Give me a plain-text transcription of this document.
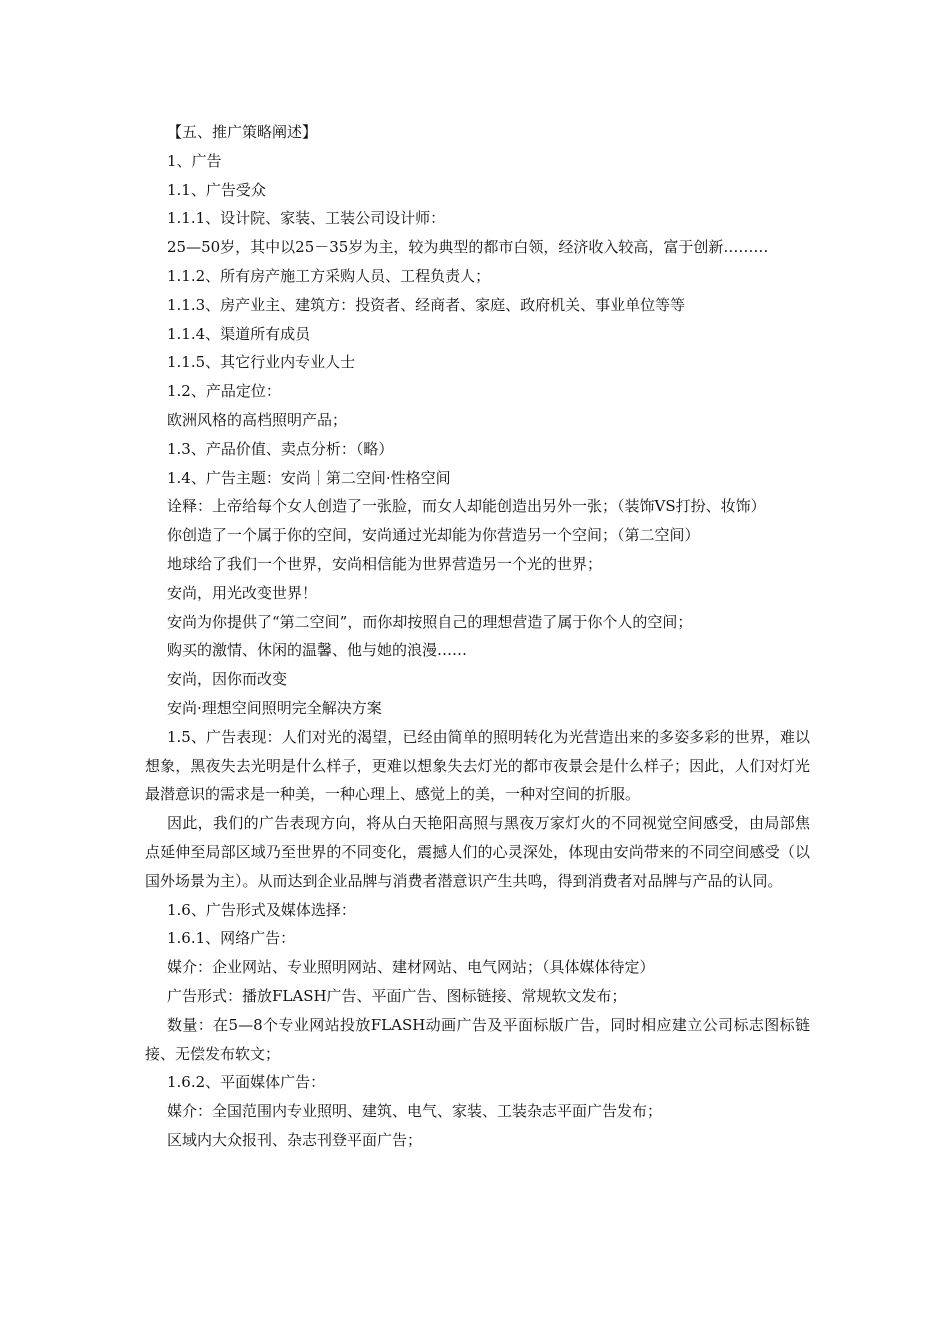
【五、推广策略阐述】

1、广告

1.1、广告受众

1.1.1、设计院、家装、工装公司设计师：

25—50岁，其中以25－35岁为主，较为典型的都市白领，经济收入较高，富于创新………

1.1.2、所有房产施工方采购人员、工程负责人；

1.1.3、房产业主、建筑方：投资者、经商者、家庭、政府机关、事业单位等等

1.1.4、渠道所有成员

1.1.5、其它行业内专业人士

1.2、产品定位：

欧洲风格的高档照明产品；

1.3、产品价值、卖点分析：（略）

1.4、广告主题：安尚｜第二空间·性格空间

诠释：上帝给每个女人创造了一张脸，而女人却能创造出另外一张；（装饰VS打扮、妆饰）

你创造了一个属于你的空间，安尚通过光却能为你营造另一个空间；（第二空间）

地球给了我们一个世界，安尚相信能为世界营造另一个光的世界；

安尚，用光改变世界！

安尚为你提供了“第二空间”，而你却按照自己的理想营造了属于你个人的空间；

购买的激情、休闲的温馨、他与她的浪漫……

安尚，因你而改变

安尚·理想空间照明完全解决方案

1.5、广告表现：人们对光的渴望，已经由简单的照明转化为光营造出来的多姿多彩的世界，难以想象，黑夜失去光明是什么样子，更难以想象失去灯光的都市夜景会是什么样子；因此，人们对灯光最潜意识的需求是一种美，一种心理上、感觉上的美，一种对空间的折服。

因此，我们的广告表现方向，将从白天艳阳高照与黑夜万家灯火的不同视觉空间感受，由局部焦点延伸至局部区域乃至世界的不同变化，震撼人们的心灵深处，体现由安尚带来的不同空间感受（以国外场景为主）。从而达到企业品牌与消费者潜意识产生共鸣，得到消费者对品牌与产品的认同。

1.6、广告形式及媒体选择：

1.6.1、网络广告：

媒介：企业网站、专业照明网站、建材网站、电气网站；（具体媒体待定）

广告形式：播放FLASH广告、平面广告、图标链接、常规软文发布；

数量：在5—8个专业网站投放FLASH动画广告及平面标版广告，同时相应建立公司标志图标链接、无偿发布软文；

1.6.2、平面媒体广告：

媒介：全国范围内专业照明、建筑、电气、家装、工装杂志平面广告发布；

区域内大众报刊、杂志刊登平面广告；
